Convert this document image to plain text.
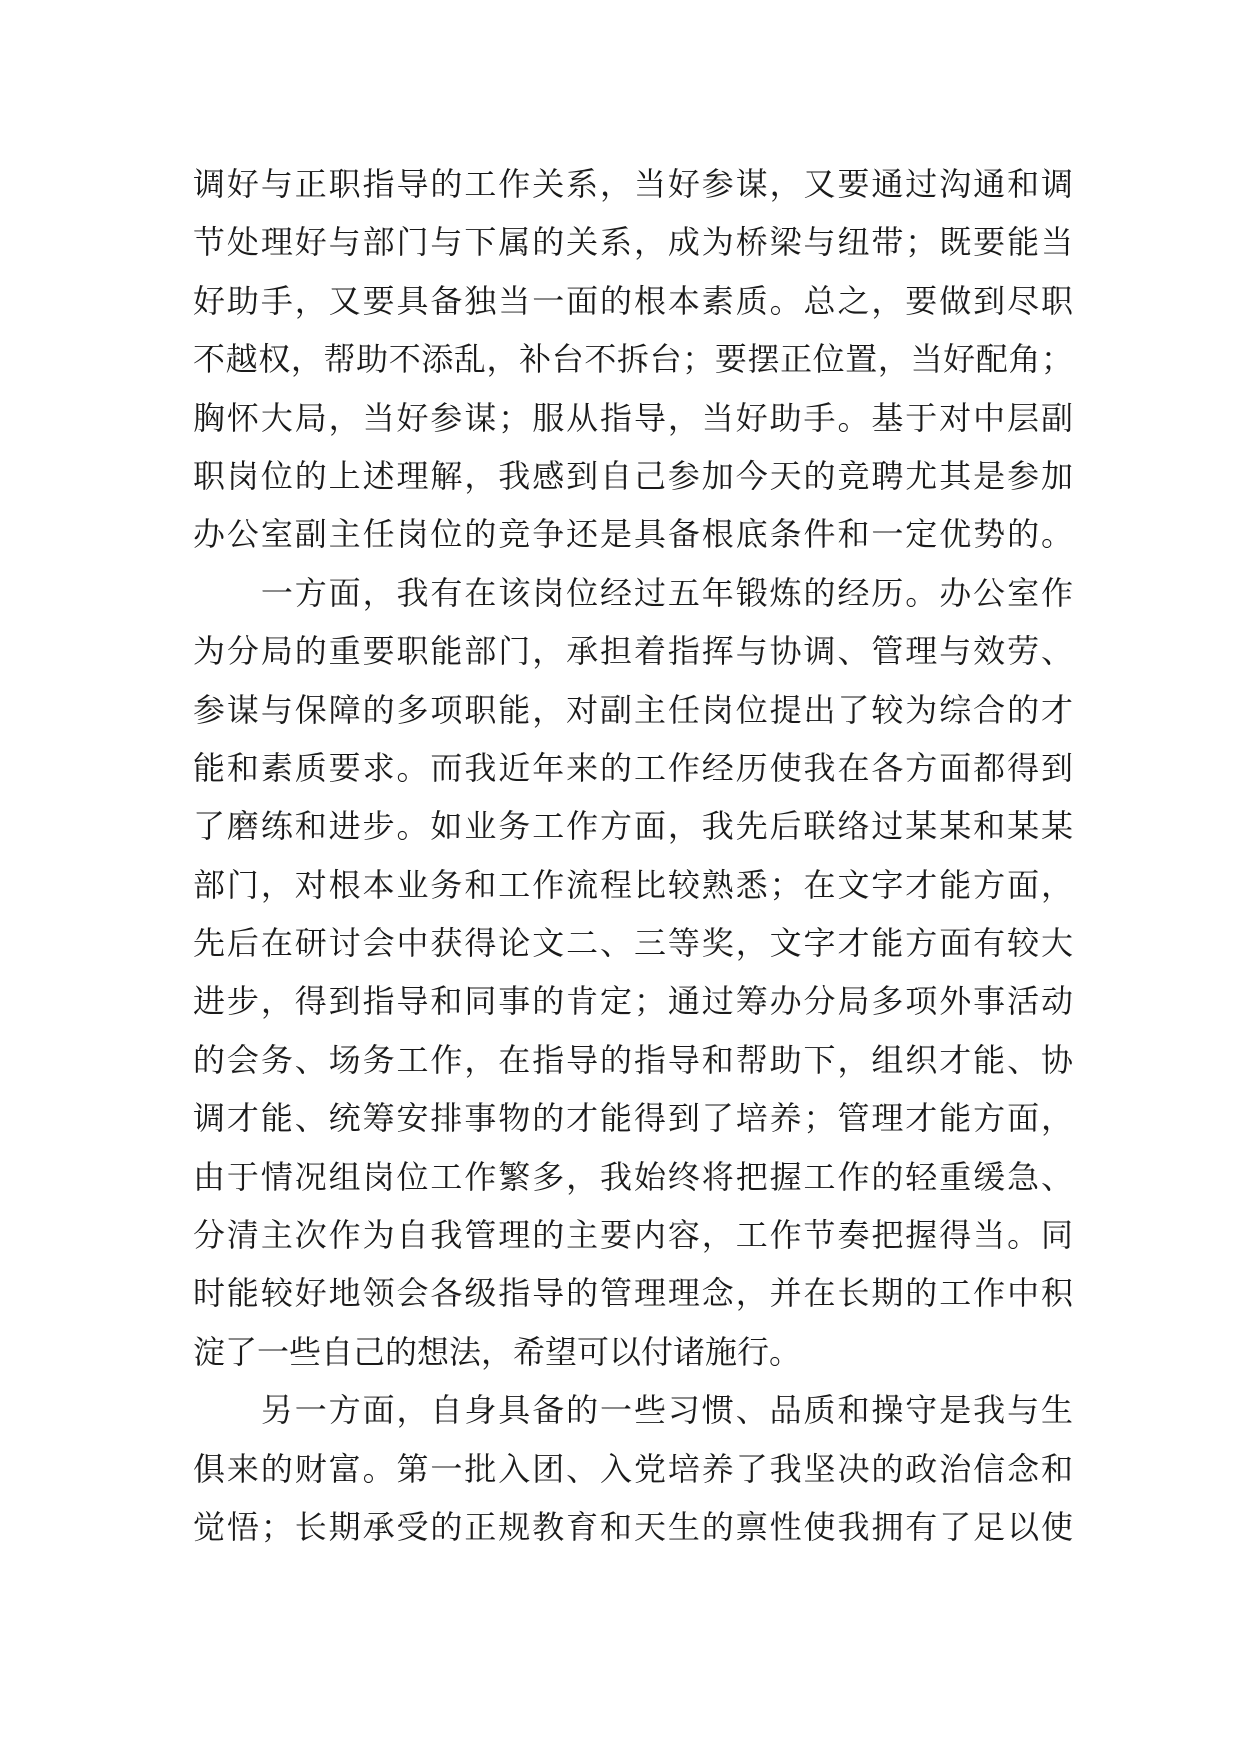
调好与正职指导的工作关系，当好参谋，又要通过沟通和调
节处理好与部门与下属的关系，成为桥梁与纽带；既要能当
好助手，又要具备独当一面的根本素质。总之，要做到尽职
不越权，帮助不添乱，补台不拆台；要摆正位置，当好配角；
胸怀大局，当好参谋；服从指导，当好助手。基于对中层副
职岗位的上述理解，我感到自己参加今天的竞聘尤其是参加
办公室副主任岗位的竞争还是具备根底条件和一定优势的。
　　一方面，我有在该岗位经过五年锻炼的经历。办公室作
为分局的重要职能部门，承担着指挥与协调、管理与效劳、
参谋与保障的多项职能，对副主任岗位提出了较为综合的才
能和素质要求。而我近年来的工作经历使我在各方面都得到
了磨练和进步。如业务工作方面，我先后联络过某某和某某
部门，对根本业务和工作流程比较熟悉；在文字才能方面，
先后在研讨会中获得论文二、三等奖，文字才能方面有较大
进步，得到指导和同事的肯定；通过筹办分局多项外事活动
的会务、场务工作，在指导的指导和帮助下，组织才能、协
调才能、统筹安排事物的才能得到了培养；管理才能方面，
由于情况组岗位工作繁多，我始终将把握工作的轻重缓急、
分清主次作为自我管理的主要内容，工作节奏把握得当。同
时能较好地领会各级指导的管理理念，并在长期的工作中积
淀了一些自己的想法，希望可以付诸施行。
　　另一方面，自身具备的一些习惯、品质和操守是我与生
俱来的财富。第一批入团、入党培养了我坚决的政治信念和
觉悟；长期承受的正规教育和天生的禀性使我拥有了足以使
